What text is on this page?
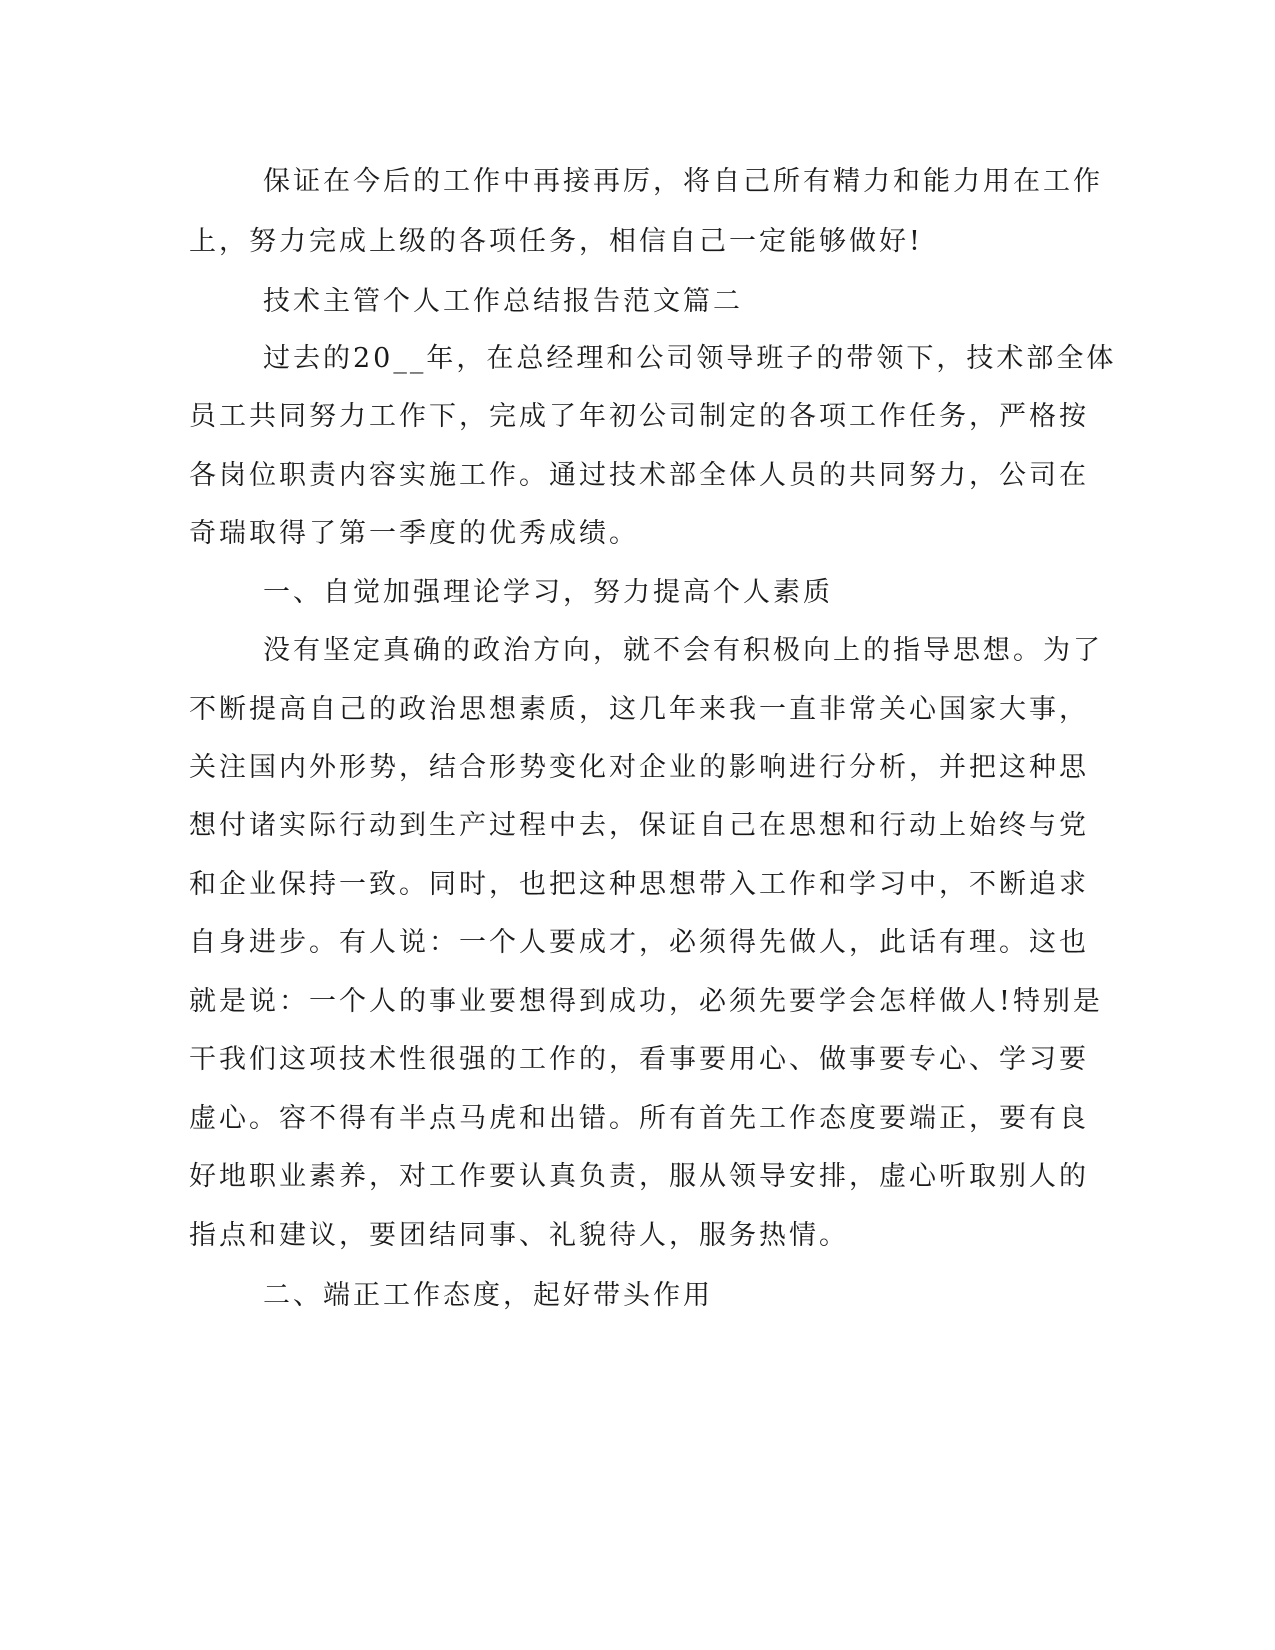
保证在今后的工作中再接再厉，将自己所有精力和能力用在工作
上，努力完成上级的各项任务，相信自己一定能够做好!
技术主管个人工作总结报告范文篇二
过去的20__年，在总经理和公司领导班子的带领下，技术部全体
员工共同努力工作下，完成了年初公司制定的各项工作任务，严格按
各岗位职责内容实施工作。通过技术部全体人员的共同努力，公司在
奇瑞取得了第一季度的优秀成绩。
一、自觉加强理论学习，努力提高个人素质
没有坚定真确的政治方向，就不会有积极向上的指导思想。为了
不断提高自己的政治思想素质，这几年来我一直非常关心国家大事，
关注国内外形势，结合形势变化对企业的影响进行分析，并把这种思
想付诸实际行动到生产过程中去，保证自己在思想和行动上始终与党
和企业保持一致。同时，也把这种思想带入工作和学习中，不断追求
自身进步。有人说：一个人要成才，必须得先做人，此话有理。这也
就是说：一个人的事业要想得到成功，必须先要学会怎样做人!特别是
干我们这项技术性很强的工作的，看事要用心、做事要专心、学习要
虚心。容不得有半点马虎和出错。所有首先工作态度要端正，要有良
好地职业素养，对工作要认真负责，服从领导安排，虚心听取别人的
指点和建议，要团结同事、礼貌待人，服务热情。
二、端正工作态度，起好带头作用
